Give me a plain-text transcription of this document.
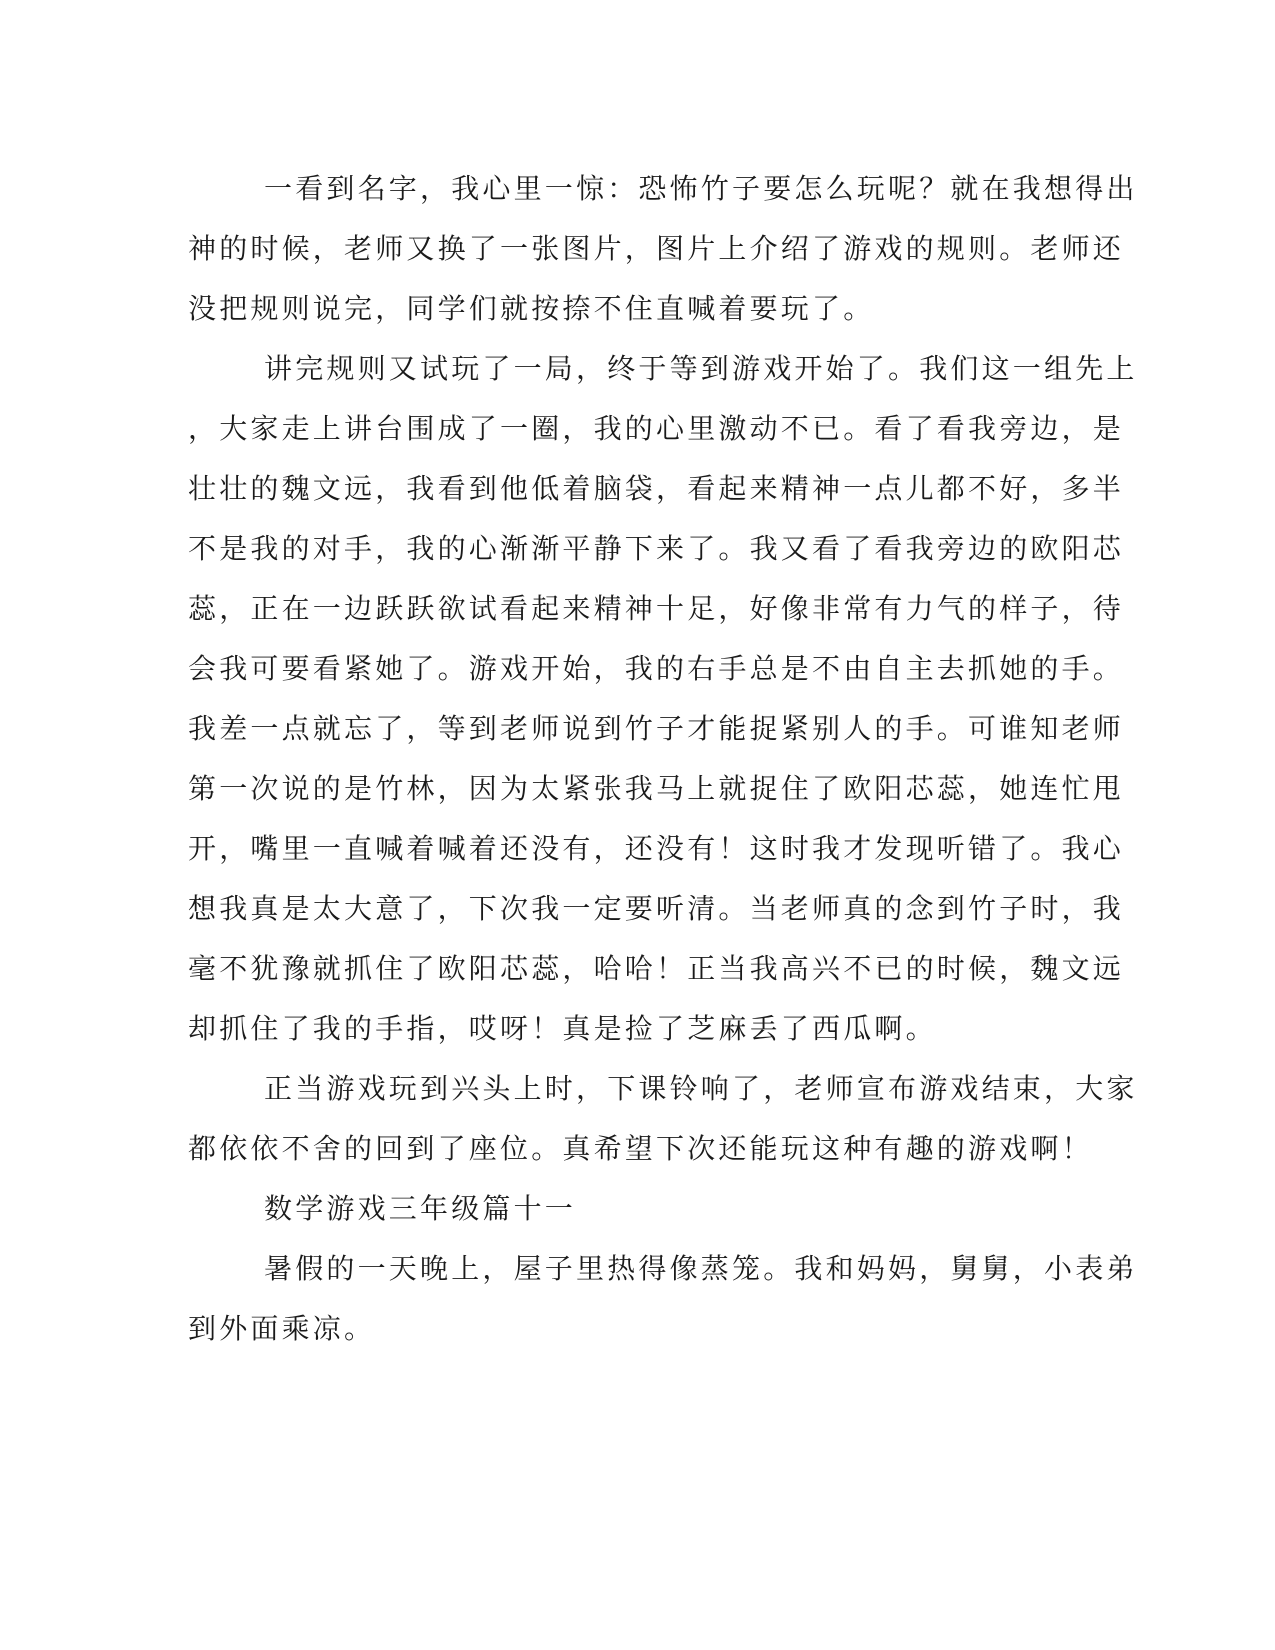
一看到名字，我心里一惊：恐怖竹子要怎么玩呢？就在我想得出
神的时候，老师又换了一张图片，图片上介绍了游戏的规则。老师还
没把规则说完，同学们就按捺不住直喊着要玩了。
讲完规则又试玩了一局，终于等到游戏开始了。我们这一组先上
，大家走上讲台围成了一圈，我的心里激动不已。看了看我旁边，是
壮壮的魏文远，我看到他低着脑袋，看起来精神一点儿都不好，多半
不是我的对手，我的心渐渐平静下来了。我又看了看我旁边的欧阳芯
蕊，正在一边跃跃欲试看起来精神十足，好像非常有力气的样子，待
会我可要看紧她了。游戏开始，我的右手总是不由自主去抓她的手。
我差一点就忘了，等到老师说到竹子才能捉紧别人的手。可谁知老师
第一次说的是竹林，因为太紧张我马上就捉住了欧阳芯蕊，她连忙甩
开，嘴里一直喊着喊着还没有，还没有！这时我才发现听错了。我心
想我真是太大意了，下次我一定要听清。当老师真的念到竹子时，我
毫不犹豫就抓住了欧阳芯蕊，哈哈！正当我高兴不已的时候，魏文远
却抓住了我的手指，哎呀！真是捡了芝麻丢了西瓜啊。
正当游戏玩到兴头上时，下课铃响了，老师宣布游戏结束，大家
都依依不舍的回到了座位。真希望下次还能玩这种有趣的游戏啊！
数学游戏三年级篇十一
暑假的一天晚上，屋子里热得像蒸笼。我和妈妈，舅舅，小表弟
到外面乘凉。
